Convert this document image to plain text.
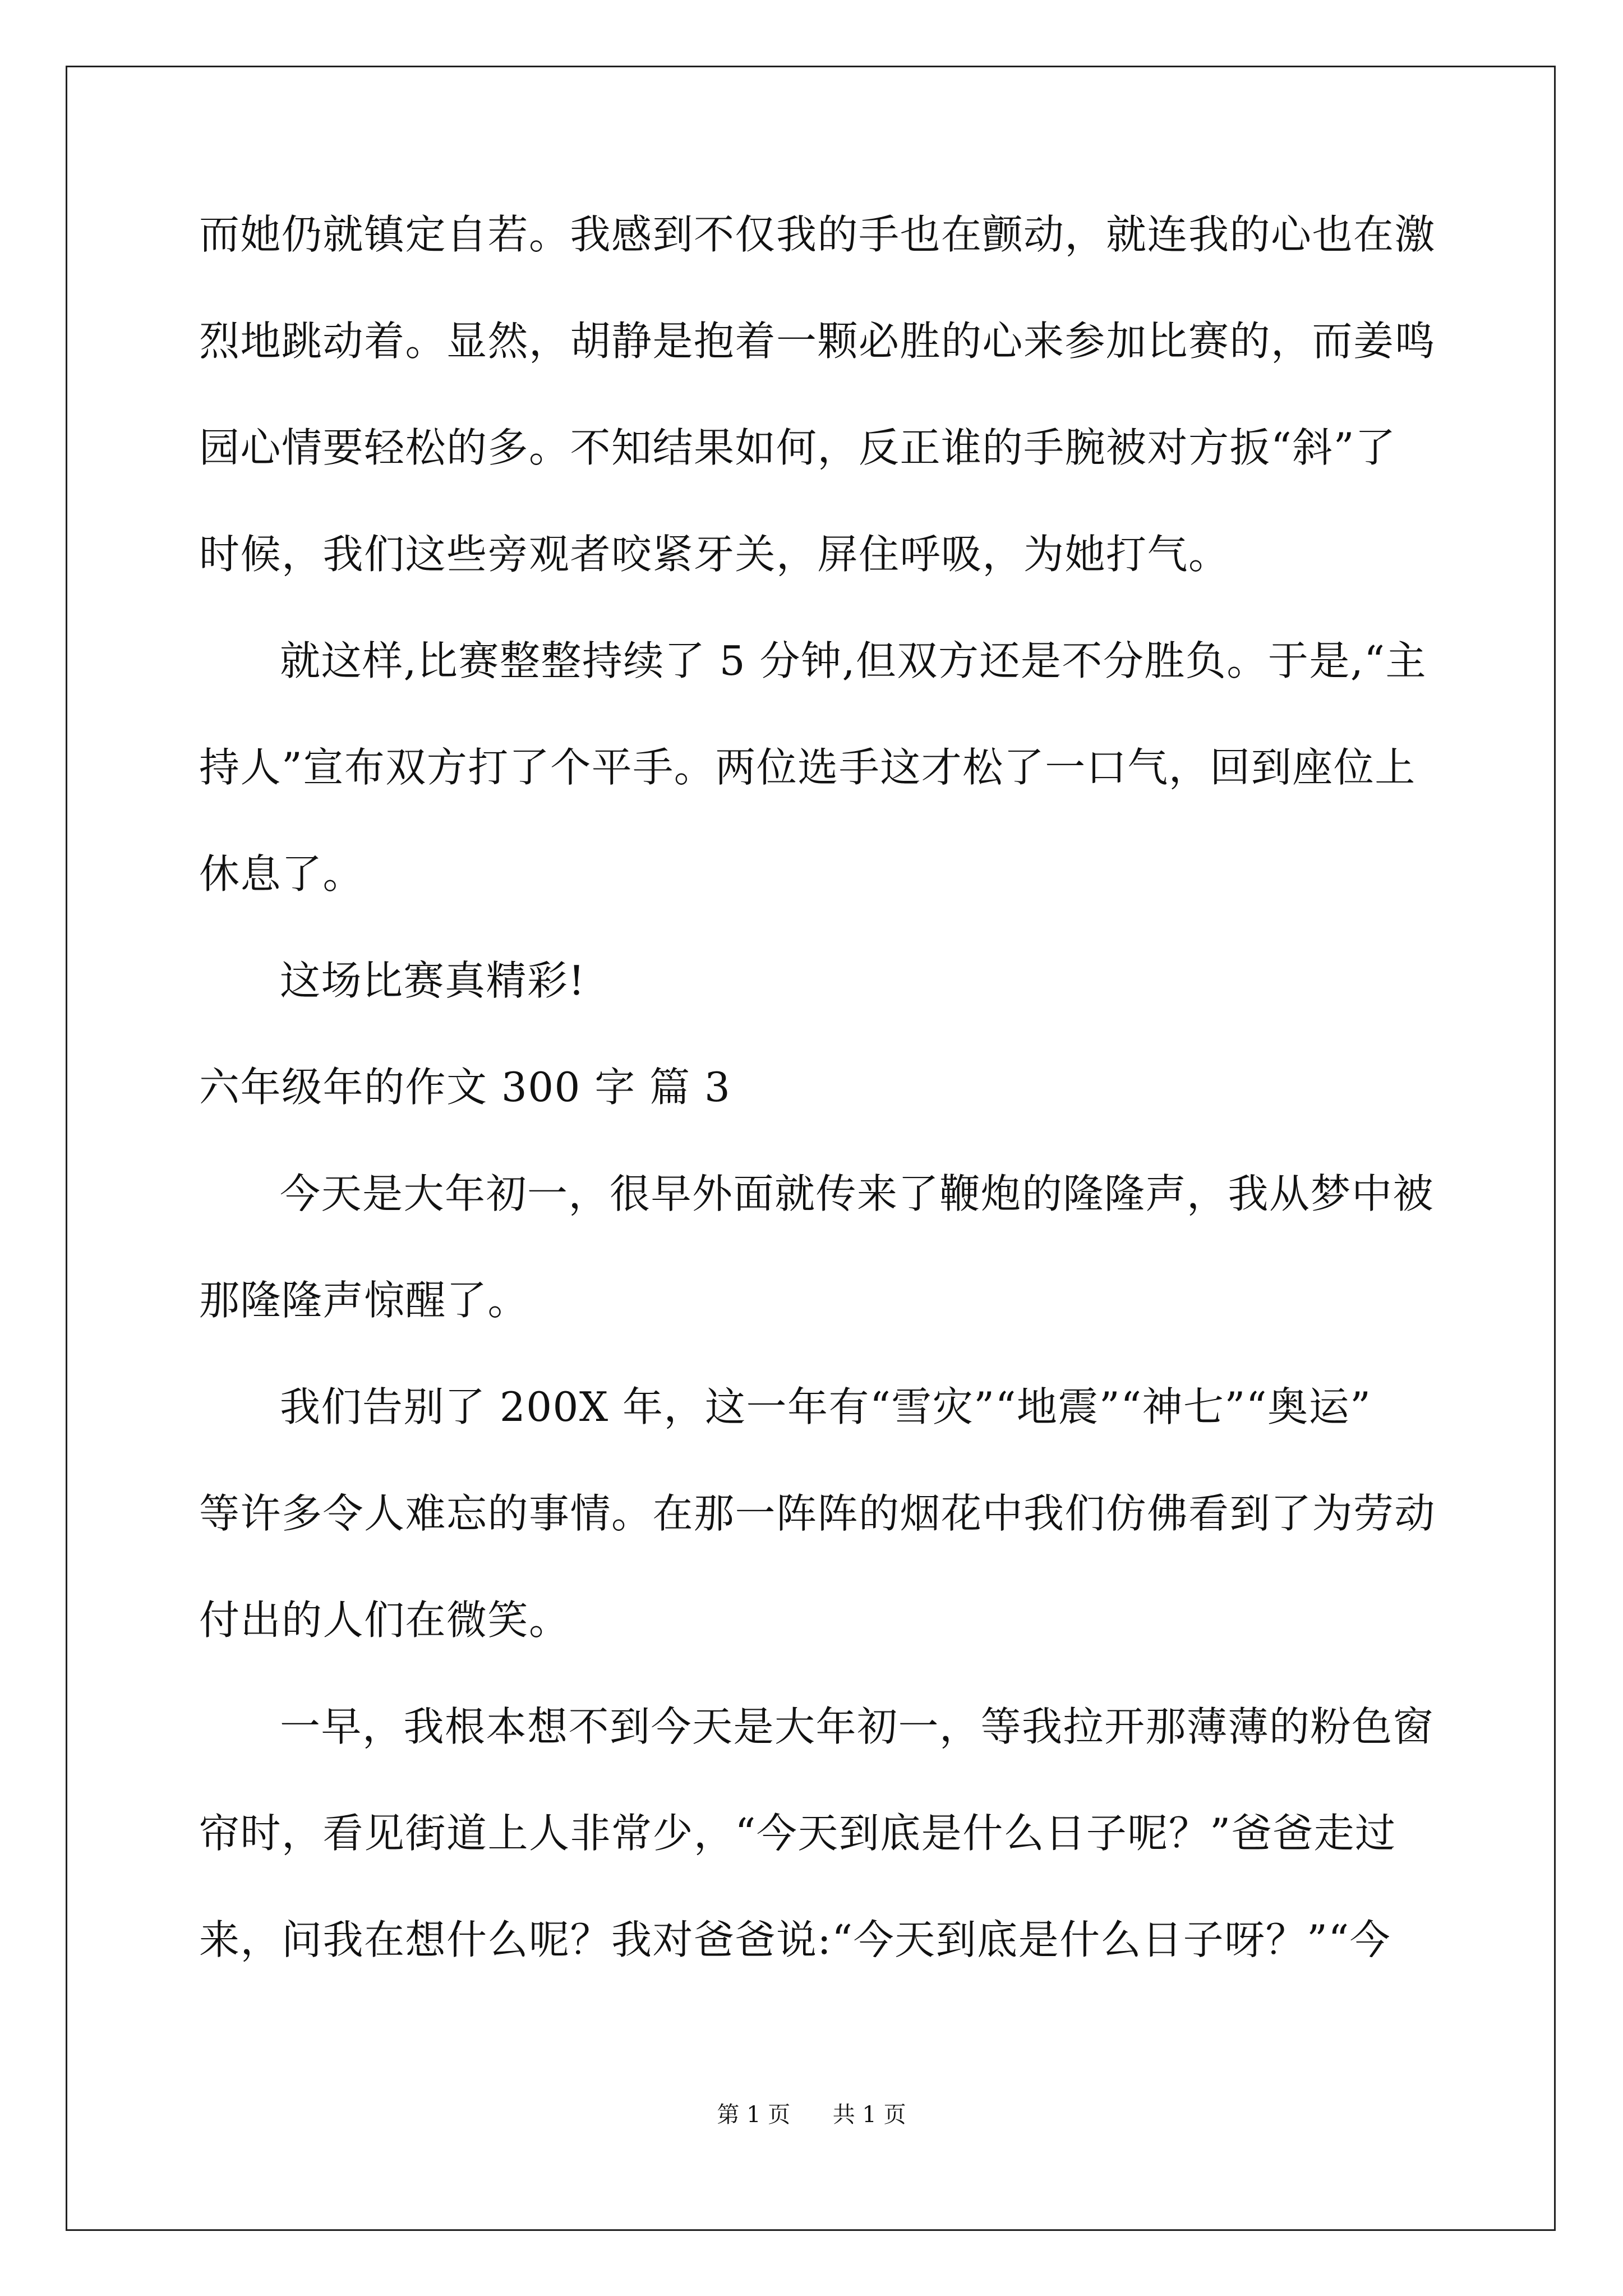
而她仍就镇定自若。我感到不仅我的手也在颤动，就连我的心也在激

烈地跳动着。显然，胡静是抱着一颗必胜的心来参加比赛的，而姜鸣

园心情要轻松的多。不知结果如何，反正谁的手腕被对方扳“斜”了

时候，我们这些旁观者咬紧牙关，屏住呼吸，为她打气。

就这样,比赛整整持续了 5 分钟,但双方还是不分胜负。于是,“主

持人”宣布双方打了个平手。两位选手这才松了一口气，回到座位上

休息了。

这场比赛真精彩!

六年级年的作文 300 字 篇 3

今天是大年初一，很早外面就传来了鞭炮的隆隆声，我从梦中被

那隆隆声惊醒了。

我们告别了 200X 年，这一年有“雪灾”“地震”“神七”“奥运”

等许多令人难忘的事情。在那一阵阵的烟花中我们仿佛看到了为劳动

付出的人们在微笑。

一早，我根本想不到今天是大年初一，等我拉开那薄薄的粉色窗

帘时，看见街道上人非常少，“今天到底是什么日子呢？”爸爸走过

来，问我在想什么呢？我对爸爸说:“今天到底是什么日子呀？”“今

第 1 页 共 1 页
